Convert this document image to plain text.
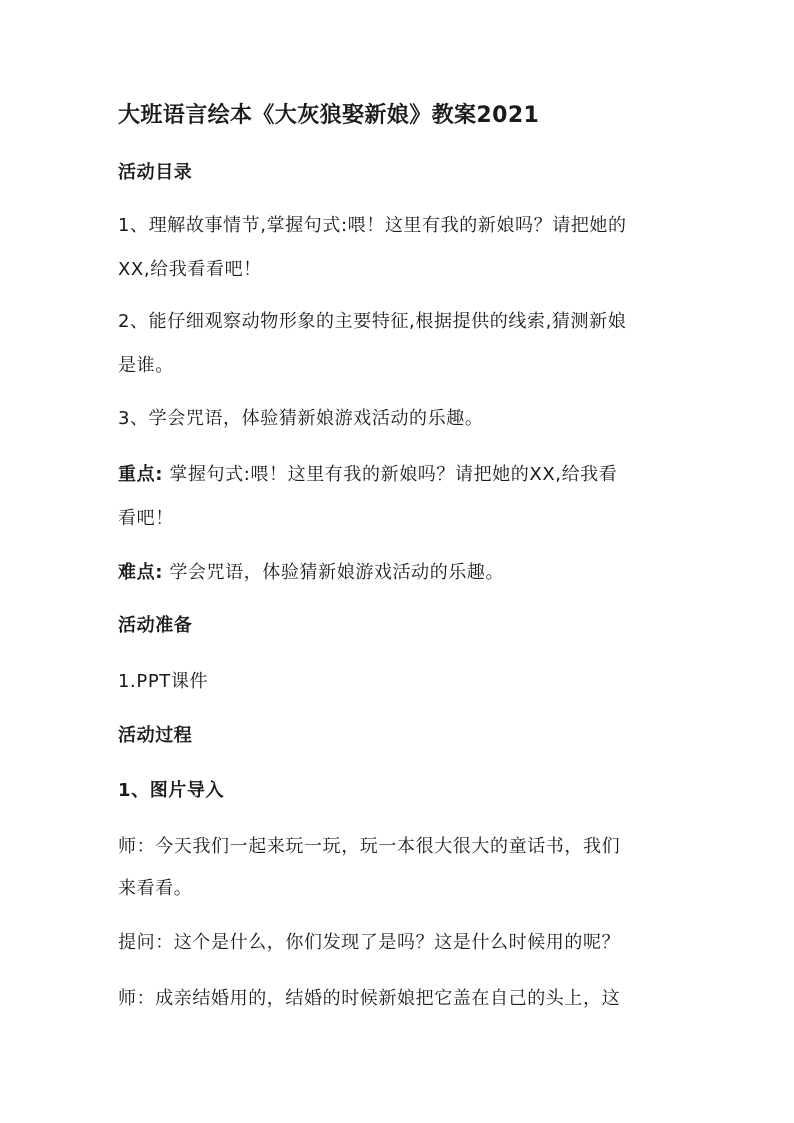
大班语言绘本《大灰狼娶新娘》教案2021
活动目录
1、理解故事情节,掌握句式:喂！这里有我的新娘吗？请把她的
XX,给我看看吧！
2、能仔细观察动物形象的主要特征,根据提供的线索,猜测新娘
是谁。
3、学会咒语，体验猜新娘游戏活动的乐趣。
重点: 掌握句式:喂！这里有我的新娘吗？请把她的XX,给我看
看吧！
难点: 学会咒语，体验猜新娘游戏活动的乐趣。
活动准备
1.PPT课件
活动过程
1、图片导入
师：今天我们一起来玩一玩，玩一本很大很大的童话书，我们
来看看。
提问：这个是什么，你们发现了是吗？这是什么时候用的呢？
师：成亲结婚用的，结婚的时候新娘把它盖在自己的头上，这
